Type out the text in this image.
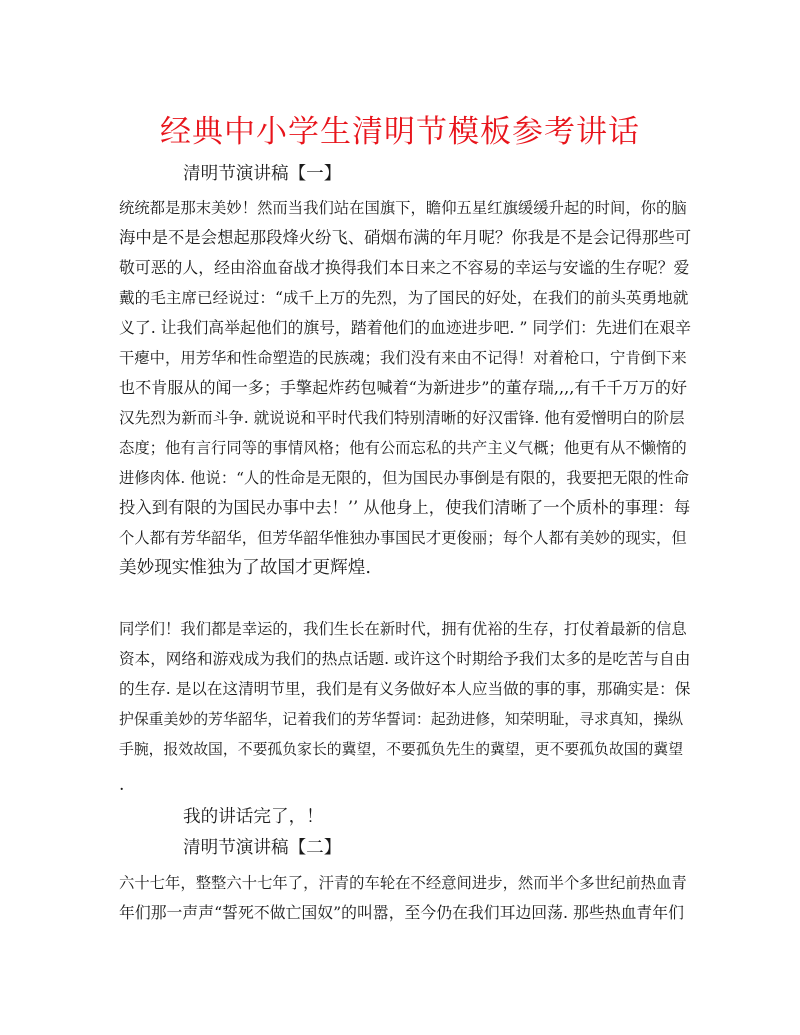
经典中小学生清明节模板参考讲话

清明节演讲稿【一】

统统都是那末美妙！然而当我们站在国旗下，瞻仰五星红旗缓缓升起的时间，你的脑

海中是不是会想起那段烽火纷飞、硝烟布满的年月呢？你我是不是会记得那些可

敬可恶的人，经由浴血奋战才换得我们本日来之不容易的幸运与安谧的生存呢？爱

戴的毛主席已经说过：“成千上万的先烈，为了国民的好处，在我们的前头英勇地就

义了. 让我们高举起他们的旗号，踏着他们的血迹进步吧. ” 同学们：先进们在艰辛

干瘪中，用芳华和性命塑造的民族魂；我们没有来由不记得！对着枪口，宁肯倒下来

也不肯服从的闻一多；手擎起炸药包喊着“为新进步”的董存瑞,,,,有千千万万的好

汉先烈为新而斗争. 就说说和平时代我们特别清晰的好汉雷锋. 他有爱憎明白的阶层

态度；他有言行同等的事情风格；他有公而忘私的共产主义气概；他更有从不懒惰的

进修肉体. 他说：“人的性命是无限的，但为国民办事倒是有限的，我要把无限的性命

投入到有限的为国民办事中去！’’ 从他身上，使我们清晰了一个质朴的事理：每

个人都有芳华韶华，但芳华韶华惟独办事国民才更俊丽；每个人都有美妙的现实，但

美妙现实惟独为了故国才更辉煌.

同学们！我们都是幸运的，我们生长在新时代，拥有优裕的生存，打仗着最新的信息

资本，网络和游戏成为我们的热点话题. 或许这个时期给予我们太多的是吃苦与自由

的生存. 是以在这清明节里，我们是有义务做好本人应当做的事的事，那确实是：保

护保重美妙的芳华韶华，记着我们的芳华誓词：起劲进修，知荣明耻，寻求真知，操纵

手腕，报效故国，不要孤负家长的冀望，不要孤负先生的冀望，更不要孤负故国的冀望

.

我的讲话完了，！

清明节演讲稿【二】

六十七年，整整六十七年了，汗青的车轮在不经意间进步，然而半个多世纪前热血青

年们那一声声“誓死不做亡国奴”的叫嚣，至今仍在我们耳边回荡. 那些热血青年们
